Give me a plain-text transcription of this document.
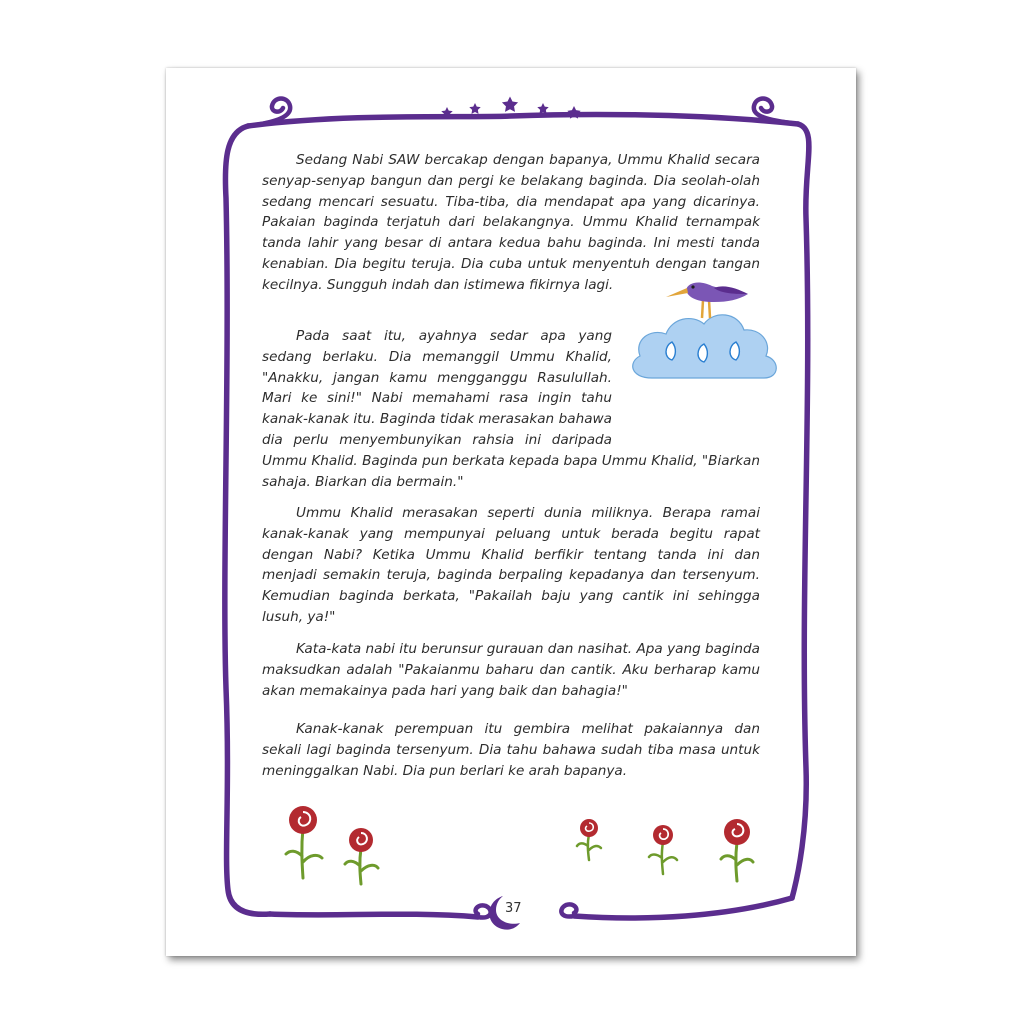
Sedang Nabi SAW bercakap dengan bapanya, Ummu Khalid secara senyap-senyap bangun dan pergi ke belakang baginda. Dia seolah-olah sedang mencari sesuatu. Tiba-tiba, dia mendapat apa yang dicarinya. Pakaian baginda terjatuh dari belakangnya. Ummu Khalid ternampak tanda lahir yang besar di antara kedua bahu baginda. Ini mesti tanda kenabian. Dia begitu teruja. Dia cuba untuk menyentuh dengan tangan kecilnya. Sungguh indah dan istimewa fikirnya lagi.

Pada saat itu, ayahnya sedar apa yang sedang berlaku. Dia memanggil Ummu Khalid, "Anakku, jangan kamu mengganggu Rasulullah. Mari ke sini!" Nabi memahami rasa ingin tahu kanak-kanak itu. Baginda tidak merasakan bahawa dia perlu menyembunyikan rahsia ini daripada Ummu Khalid. Baginda pun berkata kepada bapa Ummu Khalid, "Biarkan sahaja. Biarkan dia bermain."

Ummu Khalid merasakan seperti dunia miliknya. Berapa ramai kanak-kanak yang mempunyai peluang untuk berada begitu rapat dengan Nabi? Ketika Ummu Khalid berfikir tentang tanda ini dan menjadi semakin teruja, baginda berpaling kepadanya dan tersenyum. Kemudian baginda berkata, "Pakailah baju yang cantik ini sehingga lusuh, ya!"

Kata-kata nabi itu berunsur gurauan dan nasihat. Apa yang baginda maksudkan adalah "Pakaianmu baharu dan cantik. Aku berharap kamu akan memakainya pada hari yang baik dan bahagia!"

Kanak-kanak perempuan itu gembira melihat pakaiannya dan sekali lagi baginda tersenyum. Dia tahu bahawa sudah tiba masa untuk meninggalkan Nabi. Dia pun berlari ke arah bapanya.

37
